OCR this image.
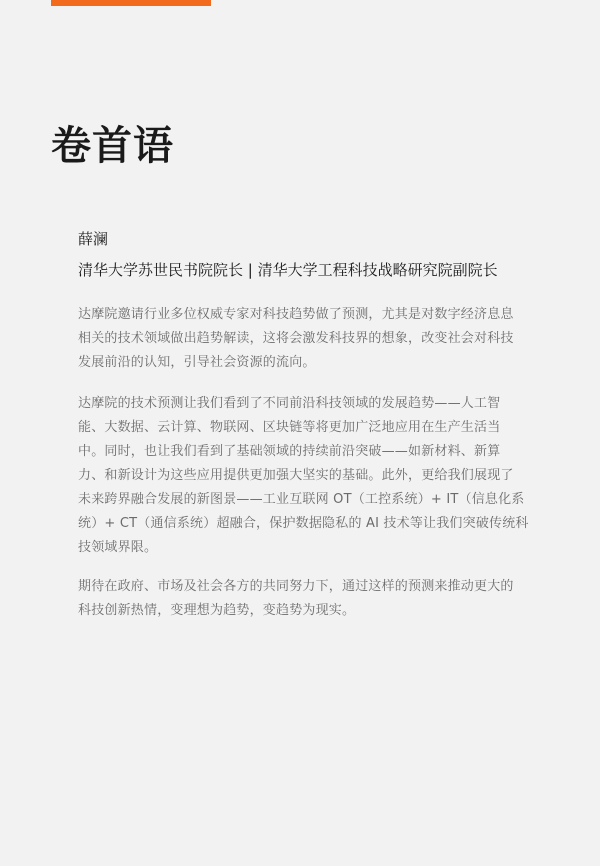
卷首语
薛澜
清华大学苏世民书院院长 | 清华大学工程科技战略研究院副院长

达摩院邀请行业多位权威专家对科技趋势做了预测，尤其是对数字经济息息
相关的技术领域做出趋势解读，这将会激发科技界的想象，改变社会对科技
发展前沿的认知，引导社会资源的流向。

达摩院的技术预测让我们看到了不同前沿科技领域的发展趋势——人工智
能、大数据、云计算、物联网、区块链等将更加广泛地应用在生产生活当
中。同时，也让我们看到了基础领域的持续前沿突破——如新材料、新算
力、和新设计为这些应用提供更加强大坚实的基础。此外，更给我们展现了
未来跨界融合发展的新图景——工业互联网 OT（工控系统）+ IT（信息化系
统）+ CT（通信系统）超融合，保护数据隐私的 AI 技术等让我们突破传统科
技领域界限。

期待在政府、市场及社会各方的共同努力下，通过这样的预测来推动更大的
科技创新热情，变理想为趋势，变趋势为现实。
